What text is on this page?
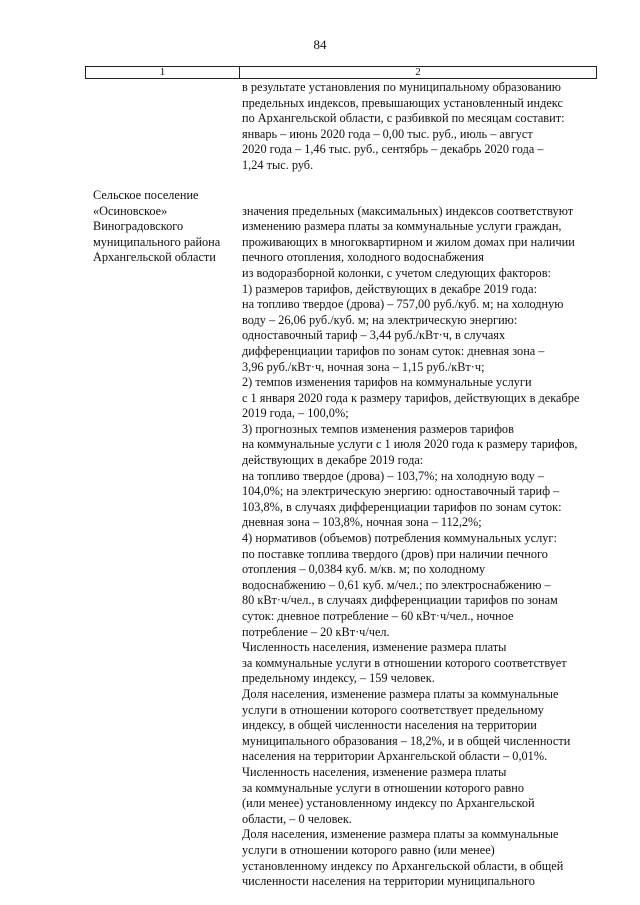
84
1	2
в результате установления по муниципальному образованию
предельных индексов, превышающих установленный индекс
по Архангельской области, с разбивкой по месяцам составит:
январь – июнь 2020 года – 0,00 тыс. руб., июль – август
2020 года – 1,46 тыс. руб., сентябрь – декабрь 2020 года –
1,24 тыс. руб.
значения предельных (максимальных) индексов соответствуют
изменению размера платы за коммунальные услуги граждан,
проживающих в многоквартирном и жилом домах при наличии
печного отопления, холодного водоснабжения
из водоразборной колонки, с учетом следующих факторов:
1) размеров тарифов, действующих в декабре 2019 года:
на топливо твердое (дрова) – 757,00 руб./куб. м; на холодную
воду – 26,06 руб./куб. м; на электрическую энергию:
одноставочный тариф – 3,44 руб./кВт·ч, в случаях
дифференциации тарифов по зонам суток: дневная зона –
3,96 руб./кВт·ч, ночная зона – 1,15 руб./кВт·ч;
2) темпов изменения тарифов на коммунальные услуги
с 1 января 2020 года к размеру тарифов, действующих в декабре
2019 года, – 100,0%;
3) прогнозных темпов изменения размеров тарифов
на коммунальные услуги с 1 июля 2020 года к размеру тарифов,
действующих в декабре 2019 года:
на топливо твердое (дрова) – 103,7%; на холодную воду –
104,0%; на электрическую энергию: одноставочный тариф –
103,8%, в случаях дифференциации тарифов по зонам суток:
дневная зона – 103,8%, ночная зона – 112,2%;
4) нормативов (объемов) потребления коммунальных услуг:
по поставке топлива твердого (дров) при наличии печного
отопления – 0,0384 куб. м/кв. м; по холодному
водоснабжению – 0,61 куб. м/чел.; по электроснабжению –
80 кВт·ч/чел., в случаях дифференциации тарифов по зонам
суток: дневное потребление – 60 кВт·ч/чел., ночное
потребление – 20 кВт·ч/чел.
Численность населения, изменение размера платы
за коммунальные услуги в отношении которого соответствует
предельному индексу, – 159 человек.
Доля населения, изменение размера платы за коммунальные
услуги в отношении которого соответствует предельному
индексу, в общей численности населения на территории
муниципального образования – 18,2%, и в общей численности
населения на территории Архангельской области – 0,01%.
Численность населения, изменение размера платы
за коммунальные услуги в отношении которого равно
(или менее) установленному индексу по Архангельской
области, – 0 человек.
Доля населения, изменение размера платы за коммунальные
услуги в отношении которого равно (или менее)
установленному индексу по Архангельской области, в общей
численности населения на территории муниципального
Сельское поселение
«Осиновское»
Виноградовского
муниципального района
Архангельской области
